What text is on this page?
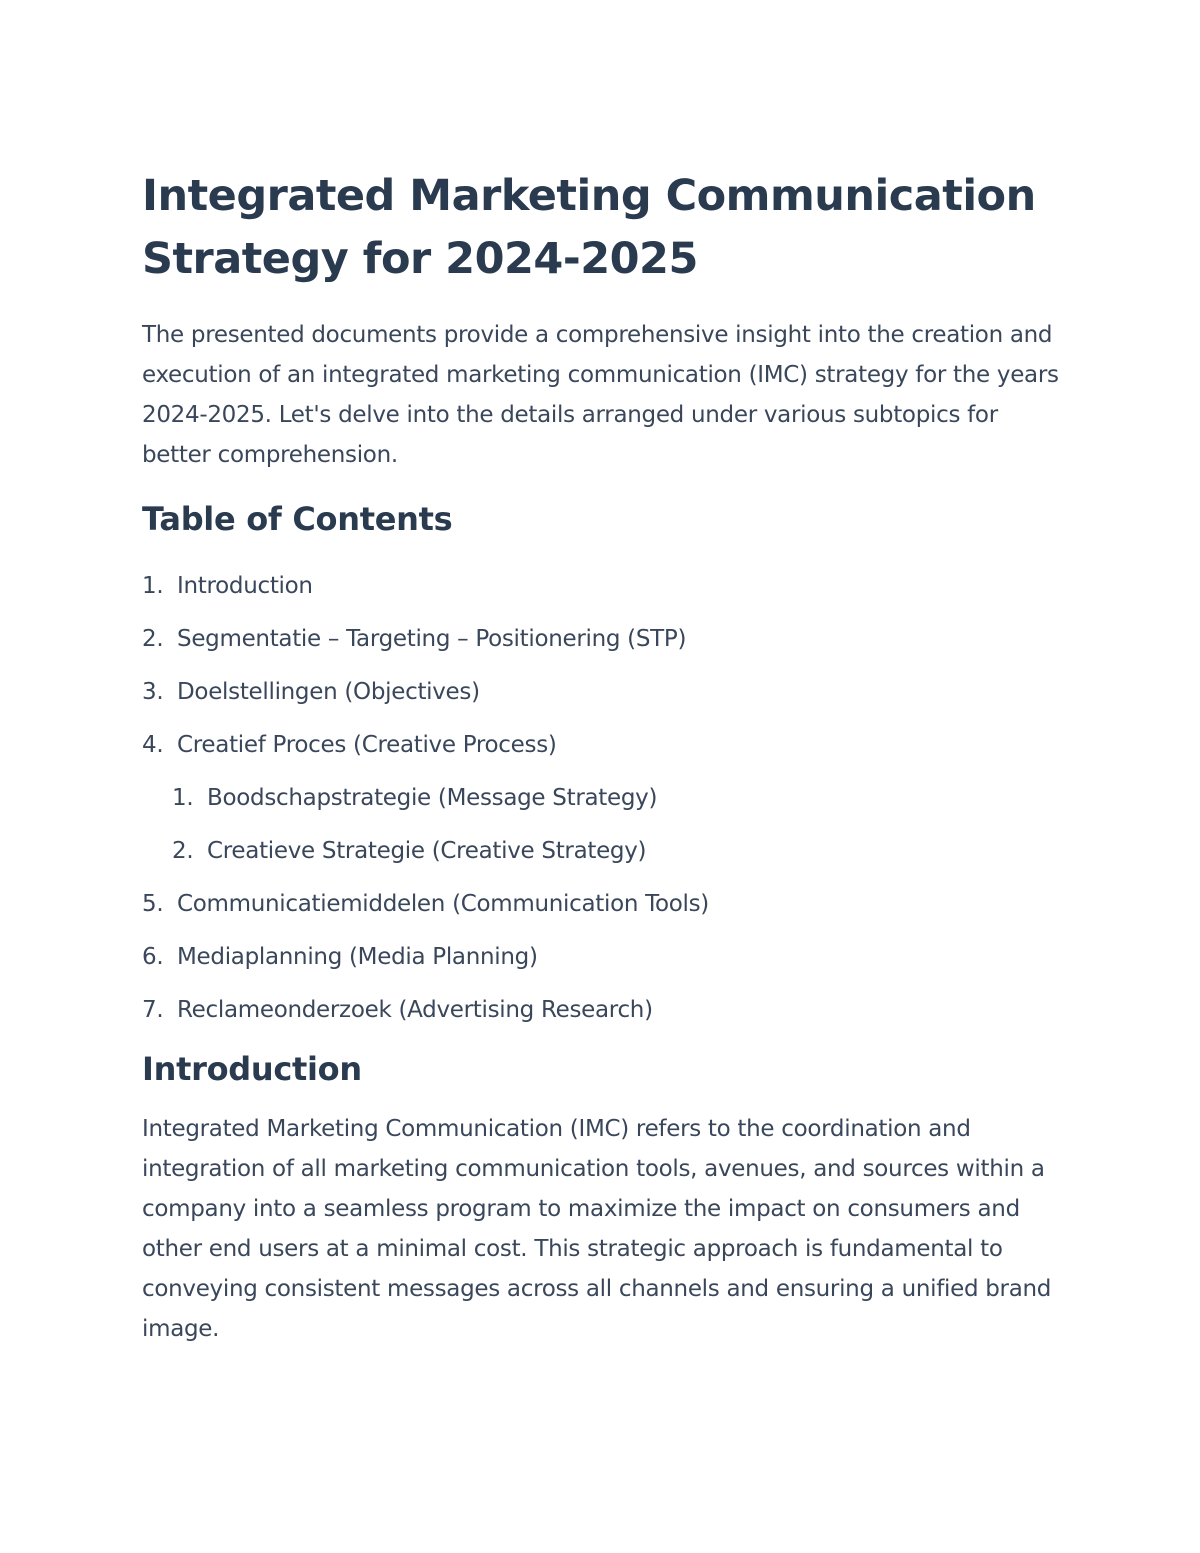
Integrated Marketing Communication Strategy for 2024-2025

The presented documents provide a comprehensive insight into the creation and execution of an integrated marketing communication (IMC) strategy for the years 2024-2025. Let's delve into the details arranged under various subtopics for better comprehension.

Table of Contents
1. Introduction
2. Segmentatie – Targeting – Positionering (STP)
3. Doelstellingen (Objectives)
4. Creatief Proces (Creative Process)
1. Boodschapstrategie (Message Strategy)
2. Creatieve Strategie (Creative Strategy)
5. Communicatiemiddelen (Communication Tools)
6. Mediaplanning (Media Planning)
7. Reclameonderzoek (Advertising Research)
Introduction

Integrated Marketing Communication (IMC) refers to the coordination and integration of all marketing communication tools, avenues, and sources within a company into a seamless program to maximize the impact on consumers and other end users at a minimal cost. This strategic approach is fundamental to conveying consistent messages across all channels and ensuring a unified brand image.
